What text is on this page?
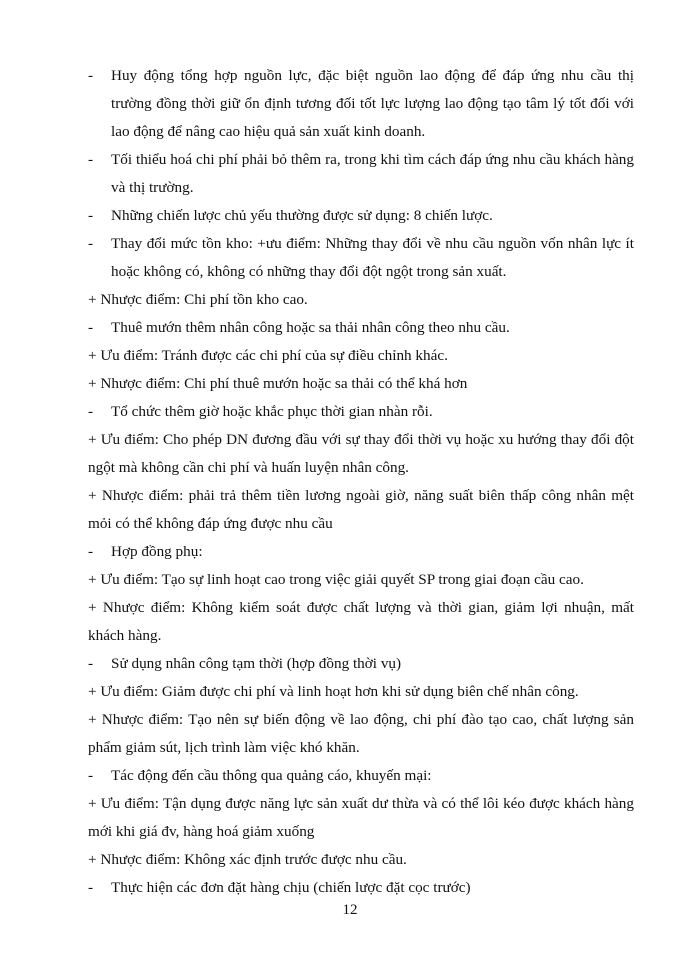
-	Huy động tổng hợp nguồn lực, đặc biệt nguồn lao động để đáp ứng nhu cầu thị trường đồng thời giữ ổn định tương đối tốt lực lượng lao động tạo tâm lý tốt đối với lao động để nâng cao hiệu quả sản xuất kinh doanh.
-	Tối thiểu hoá chi phí phải bỏ thêm ra, trong khi tìm cách đáp ứng nhu cầu khách hàng và thị trường.
-	Những chiến lược chủ yếu thường được sử dụng: 8 chiến lược.
-	Thay đổi mức tồn kho: +ưu điểm: Những thay đổi về nhu cầu nguồn vốn nhân lực ít hoặc không có, không có những thay đổi đột ngột trong sản xuất.
+ Nhược điểm: Chi phí tồn kho cao.
-	Thuê mướn thêm nhân công hoặc sa thải nhân công theo nhu cầu.
+ Ưu điểm: Tránh được các chi phí của sự điều chỉnh khác.
+ Nhược điểm: Chi phí thuê mướn hoặc sa thải có thể khá hơn
-	Tổ chức thêm giờ hoặc khắc phục thời gian nhàn rỗi.
+ Ưu điểm: Cho phép DN đương đầu với sự thay đổi thời vụ hoặc xu hướng thay đổi đột ngột mà không cần chi phí và huấn luyện nhân công.
+ Nhược điểm: phải trả thêm tiền lương ngoài giờ, năng suất biên thấp công nhân mệt mỏi có thể không đáp ứng được nhu cầu
-	Hợp đồng phụ:
+ Ưu điểm: Tạo sự linh hoạt cao trong việc giải quyết SP trong giai đoạn cầu cao.
+ Nhược điểm: Không kiểm soát được chất lượng và thời gian, giảm lợi nhuận, mất khách hàng.
-	Sử dụng nhân công tạm thời (hợp đồng thời vụ)
+ Ưu điểm: Giảm được chi phí và linh hoạt hơn khi sử dụng biên chế nhân công.
+ Nhược điểm: Tạo nên sự biến động về lao động, chi phí đào tạo cao, chất lượng sản phẩm giảm sút, lịch trình làm việc khó khăn.
-	Tác động đến cầu thông qua quảng cáo, khuyến mại:
+ Ưu điểm: Tận dụng được năng lực sản xuất dư thừa và có thể lôi kéo được khách hàng mới khi giá đv, hàng hoá giảm xuống
+ Nhược điểm: Không xác định trước được nhu cầu.
-	Thực hiện các đơn đặt hàng chịu (chiến lược đặt cọc trước)
12
